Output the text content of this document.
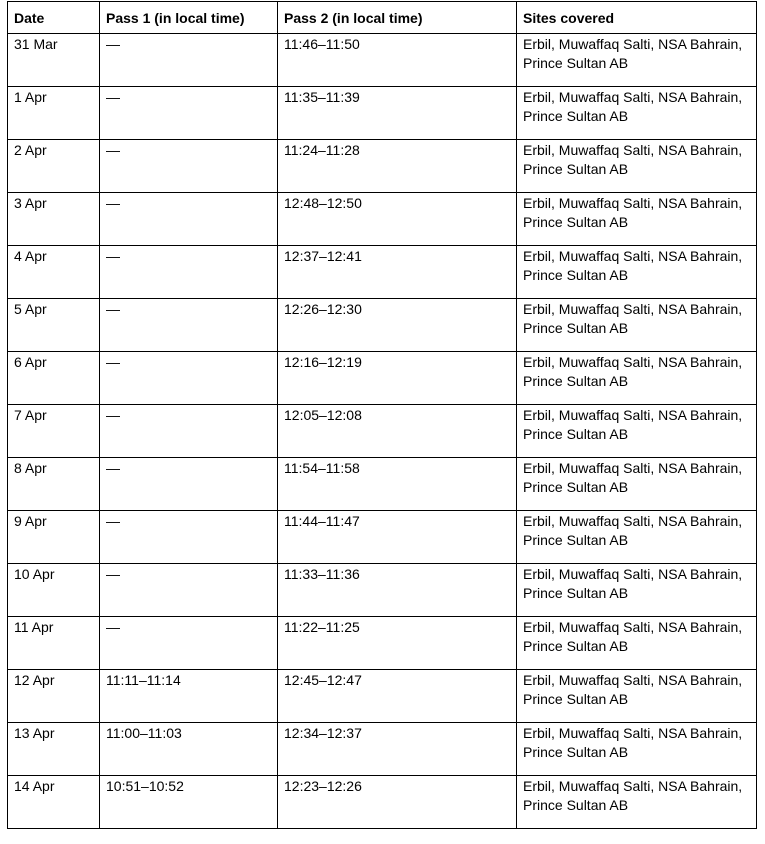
Date	Pass 1 (in local time)	Pass 2 (in local time)	Sites covered
31 Mar	—	11:46–11:50	Erbil, Muwaffaq Salti, NSA Bahrain, Prince Sultan AB
1 Apr	—	11:35–11:39	Erbil, Muwaffaq Salti, NSA Bahrain, Prince Sultan AB
2 Apr	—	11:24–11:28	Erbil, Muwaffaq Salti, NSA Bahrain, Prince Sultan AB
3 Apr	—	12:48–12:50	Erbil, Muwaffaq Salti, NSA Bahrain, Prince Sultan AB
4 Apr	—	12:37–12:41	Erbil, Muwaffaq Salti, NSA Bahrain, Prince Sultan AB
5 Apr	—	12:26–12:30	Erbil, Muwaffaq Salti, NSA Bahrain, Prince Sultan AB
6 Apr	—	12:16–12:19	Erbil, Muwaffaq Salti, NSA Bahrain, Prince Sultan AB
7 Apr	—	12:05–12:08	Erbil, Muwaffaq Salti, NSA Bahrain, Prince Sultan AB
8 Apr	—	11:54–11:58	Erbil, Muwaffaq Salti, NSA Bahrain, Prince Sultan AB
9 Apr	—	11:44–11:47	Erbil, Muwaffaq Salti, NSA Bahrain, Prince Sultan AB
10 Apr	—	11:33–11:36	Erbil, Muwaffaq Salti, NSA Bahrain, Prince Sultan AB
11 Apr	—	11:22–11:25	Erbil, Muwaffaq Salti, NSA Bahrain, Prince Sultan AB
12 Apr	11:11–11:14	12:45–12:47	Erbil, Muwaffaq Salti, NSA Bahrain, Prince Sultan AB
13 Apr	11:00–11:03	12:34–12:37	Erbil, Muwaffaq Salti, NSA Bahrain, Prince Sultan AB
14 Apr	10:51–10:52	12:23–12:26	Erbil, Muwaffaq Salti, NSA Bahrain, Prince Sultan AB
